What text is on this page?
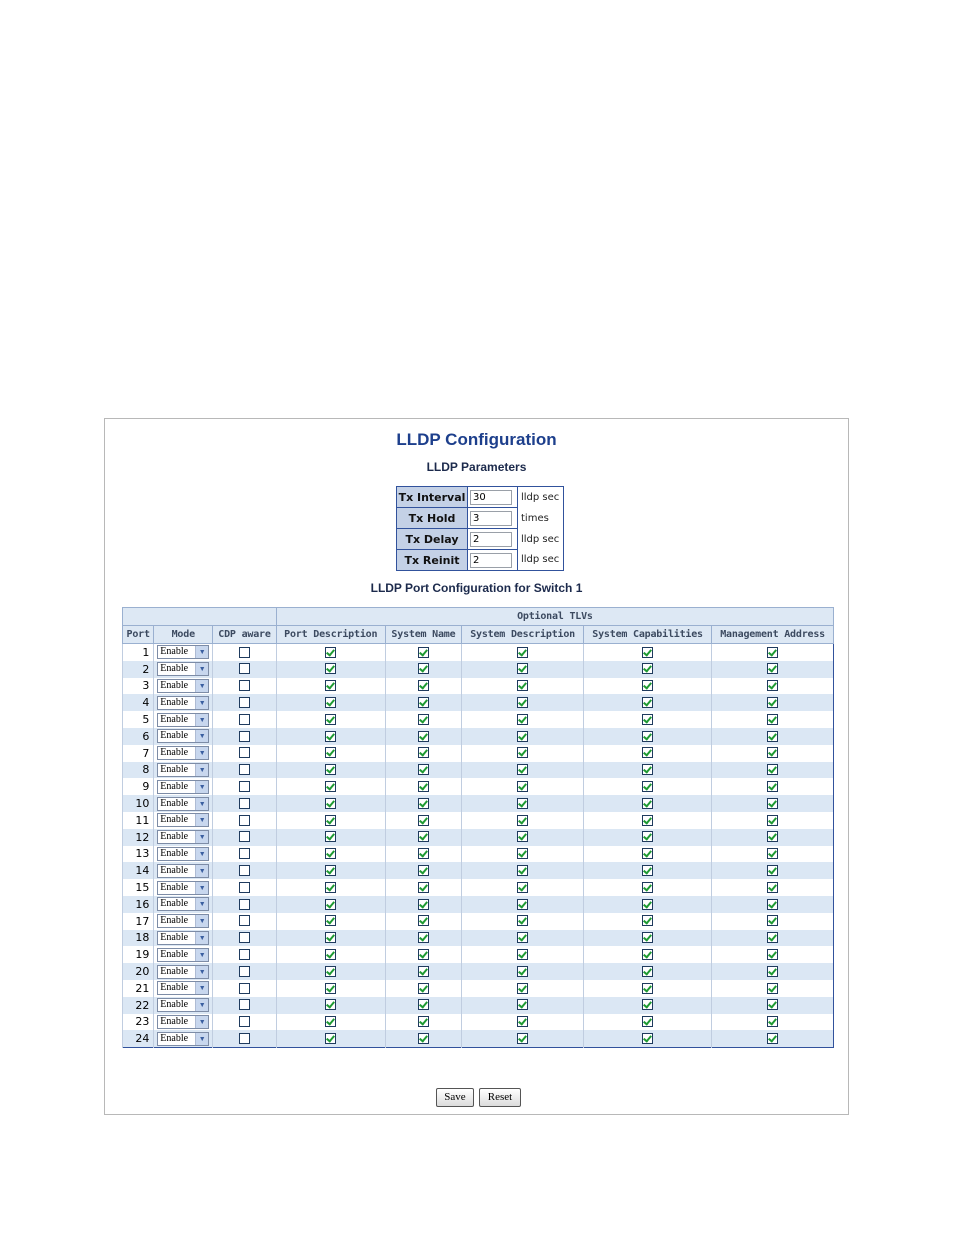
LLDP Configuration
LLDP Parameters
Tx Interval	30	lldp sec
Tx Hold	3	times
Tx Delay	2	lldp sec
Tx Reinit	2	lldp sec
LLDP Port Configuration for Switch 1
			Optional TLVs				
Port	Mode	CDP aware	Port Description	System Name	System Description	System Capabilities	Management Address
1	Enable ▼						

2	Enable ▼						

3	Enable ▼						

4	Enable ▼						

5	Enable ▼						

6	Enable ▼						

7	Enable ▼						

8	Enable ▼						

9	Enable ▼						

10	Enable ▼						

11	Enable ▼						

12	Enable ▼						

13	Enable ▼						

14	Enable ▼						

15	Enable ▼						

16	Enable ▼						

17	Enable ▼						

18	Enable ▼						

19	Enable ▼						

20	Enable ▼						

21	Enable ▼						

22	Enable ▼						

23	Enable ▼						

24	Enable ▼						

Save	Reset
